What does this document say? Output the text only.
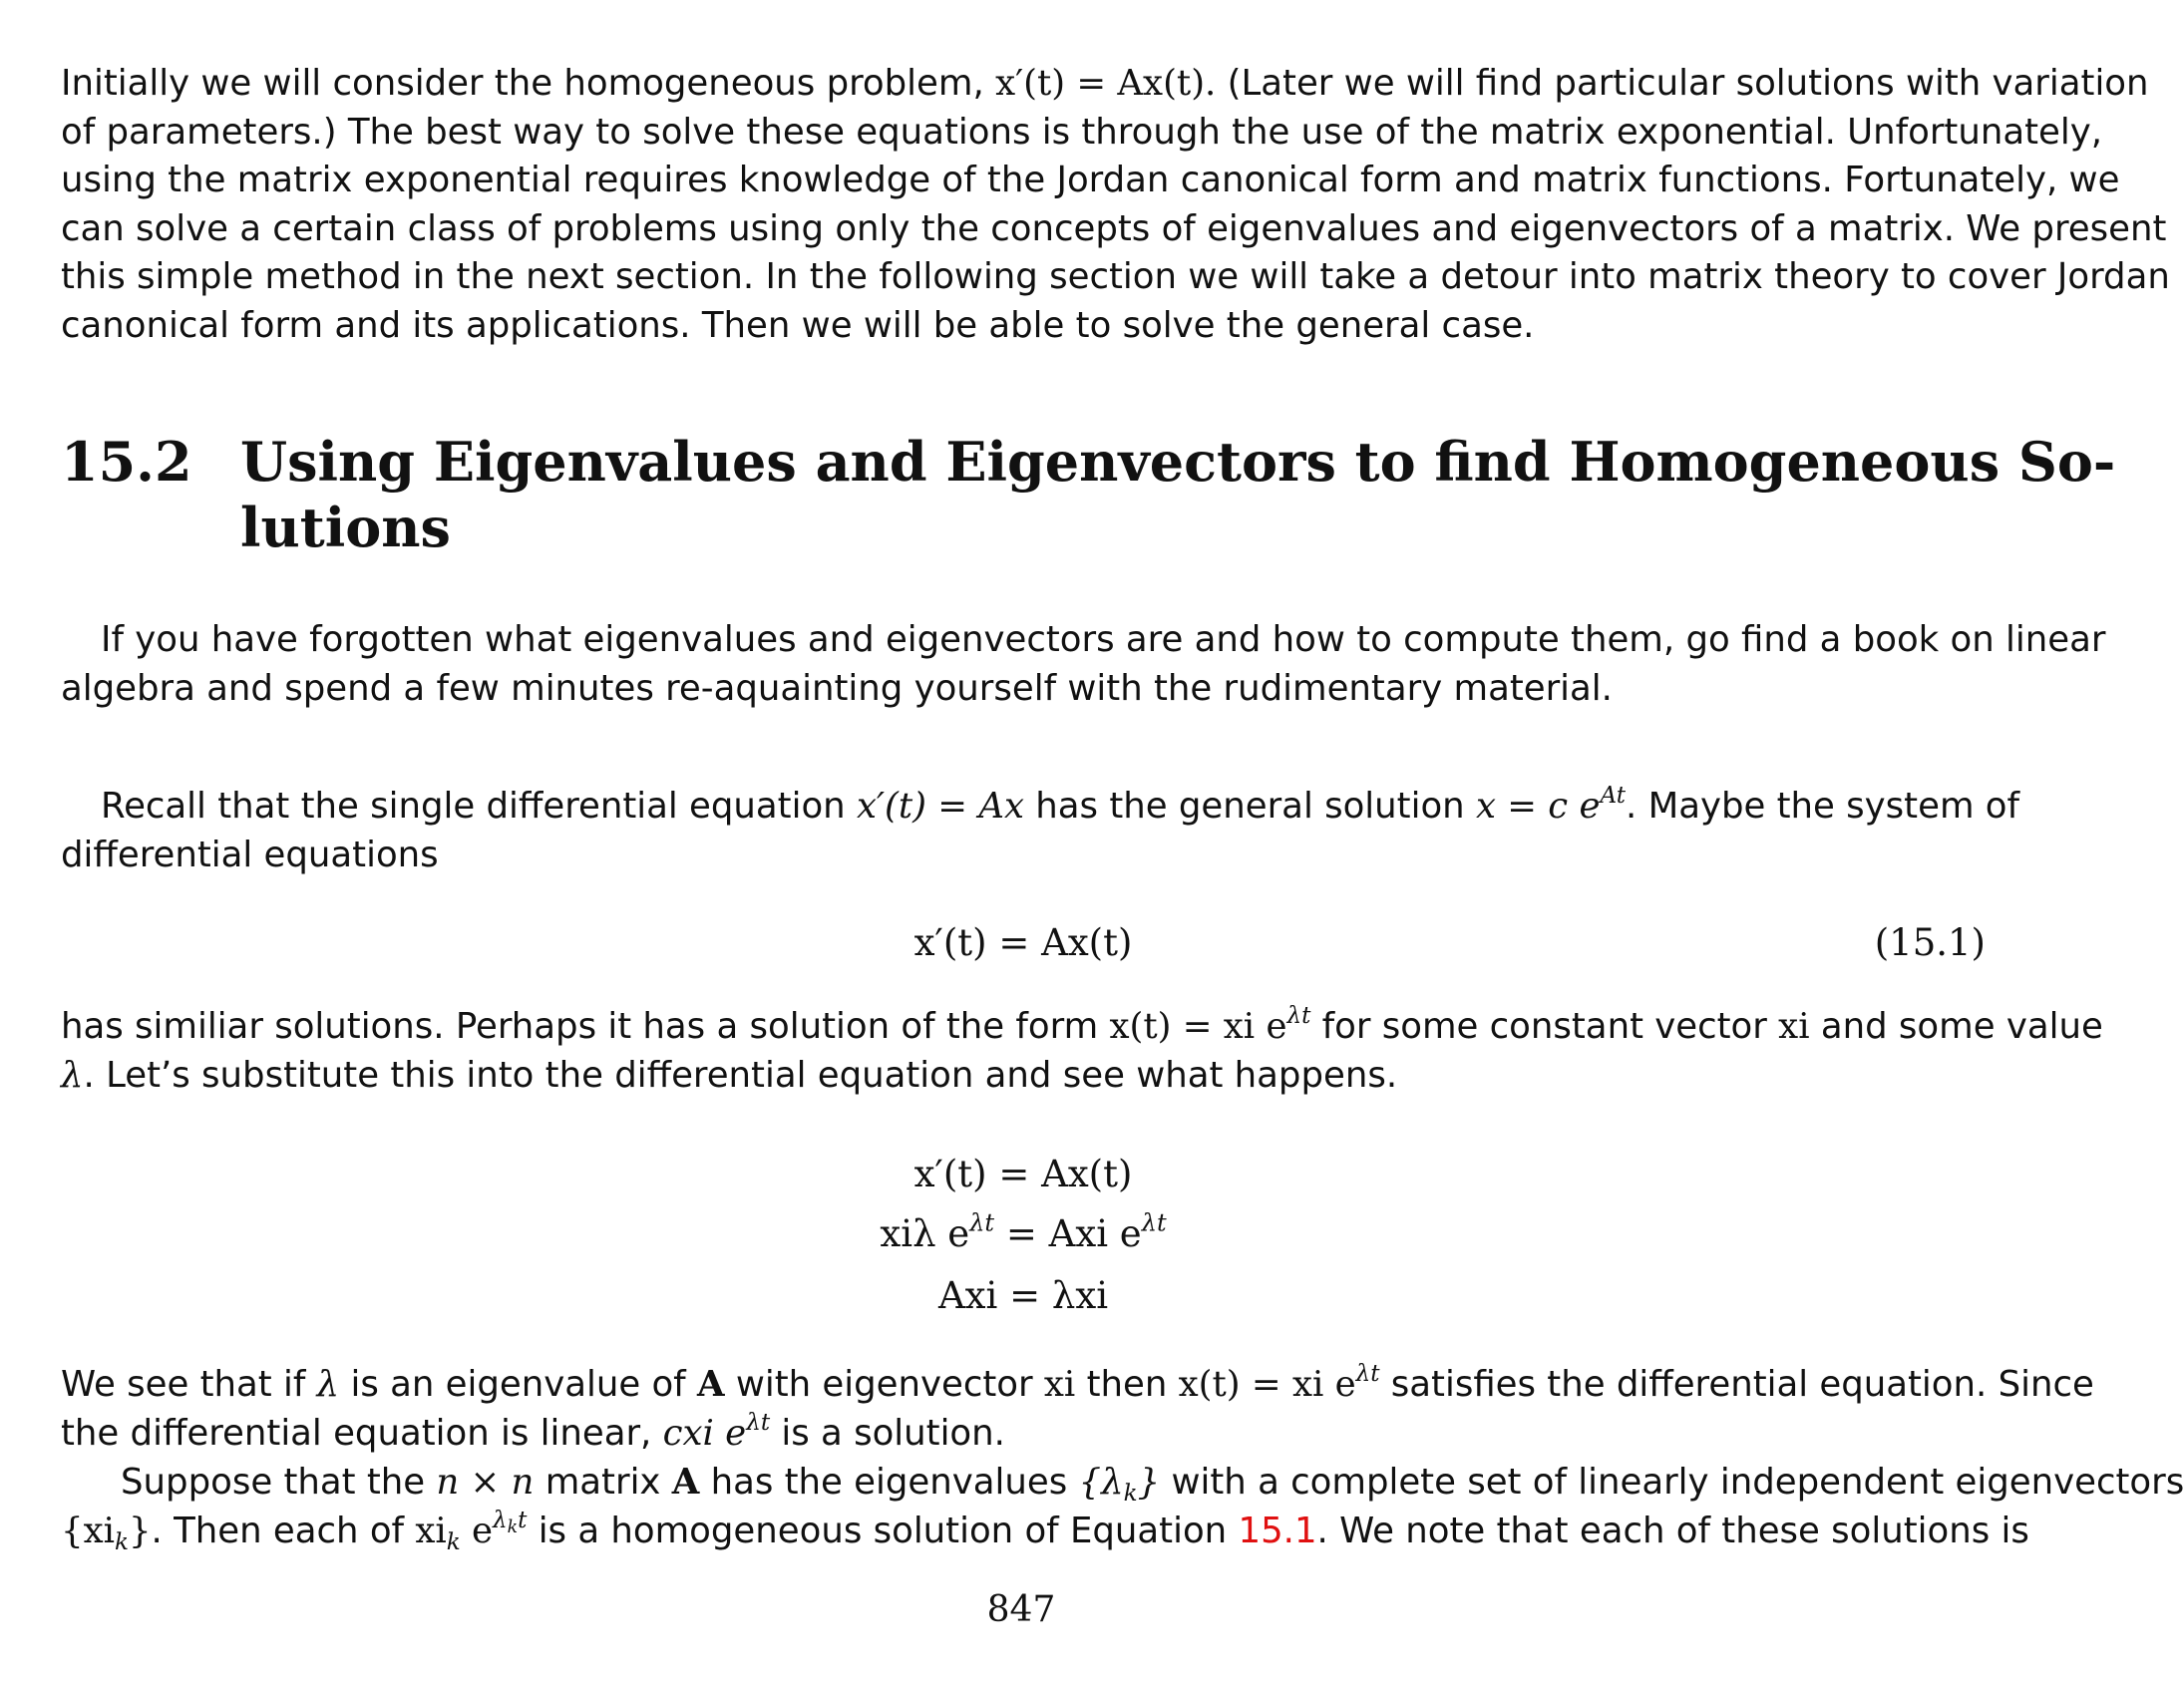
Initially we will consider the homogeneous problem, x′(t) = Ax(t). (Later we will find particular solutions with variation
of parameters.) The best way to solve these equations is through the use of the matrix exponential. Unfortunately,
using the matrix exponential requires knowledge of the Jordan canonical form and matrix functions. Fortunately, we
can solve a certain class of problems using only the concepts of eigenvalues and eigenvectors of a matrix. We present
this simple method in the next section. In the following section we will take a detour into matrix theory to cover Jordan
canonical form and its applications. Then we will be able to solve the general case.
15.2 Using Eigenvalues and Eigenvectors to find Homogeneous So-
lutions
If you have forgotten what eigenvalues and eigenvectors are and how to compute them, go find a book on linear
algebra and spend a few minutes re-aquainting yourself with the rudimentary material.
Recall that the single differential equation x′(t) = Ax has the general solution x = c $e^{At}$. Maybe the system of
differential equations
x′(t) = Ax(t)	(15.1)
has similiar solutions. Perhaps it has a solution of the form x(t) = xi $e^{\lambda t}$ for some constant vector xi and some value
λ. Let’s substitute this into the differential equation and see what happens.
x′(t) = Ax(t)
xiλ $e^{\lambda t}$ = Axi $e^{\lambda t}$
Axi = λxi
We see that if λ is an eigenvalue of A with eigenvector xi then x(t) = xi $e^{\lambda t}$ satisfies the differential equation. Since
the differential equation is linear, cxi $e^{\lambda t}$ is a solution.
Suppose that the n × n matrix A has the eigenvalues $\{\lambda_k\}$ with a complete set of linearly independent eigenvectors
$\{xi_k\}$. Then each of $xi_k$ $e^{\lambda_kt}$ is a homogeneous solution of Equation 15.1. We note that each of these solutions is
847
